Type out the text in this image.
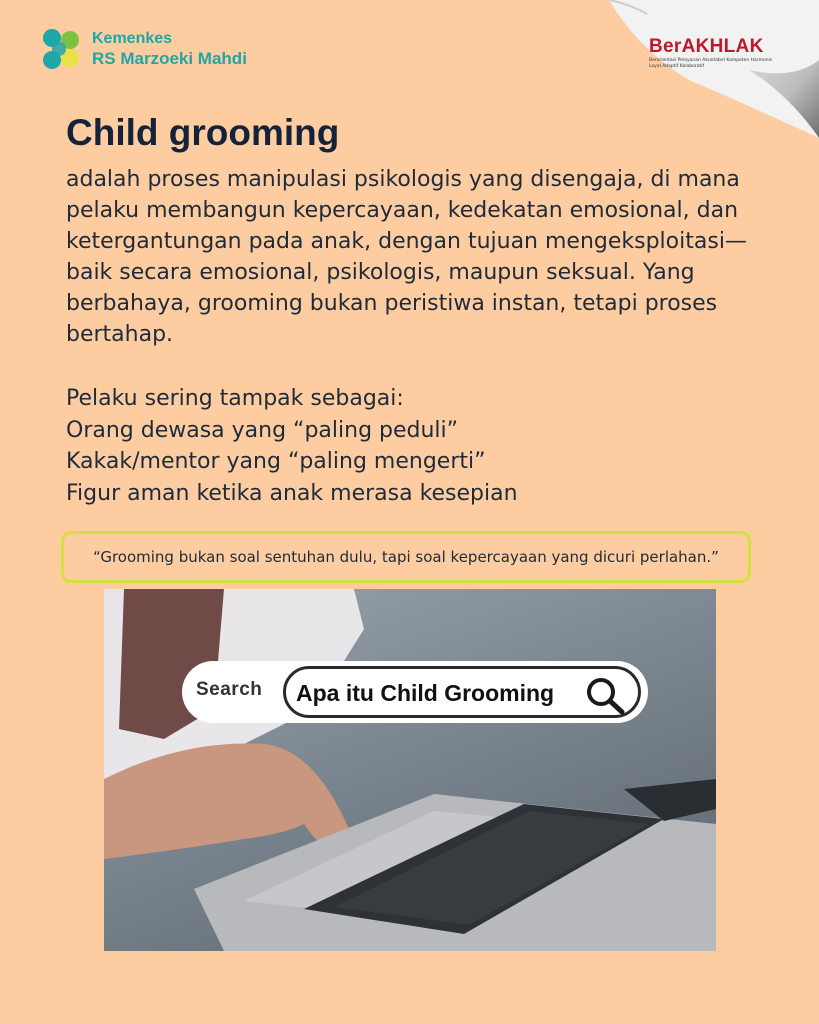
Kemenkes
RS Marzoeki Mahdi
BerAKHLAK
Berorientasi Pelayanan Akuntabel Kompeten Harmonis Loyal Adaptif Kolaboratif
Child grooming

adalah proses manipulasi psikologis yang disengaja, di mana pelaku membangun kepercayaan, kedekatan emosional, dan ketergantungan pada anak, dengan tujuan mengeksploitasi—baik secara emosional, psikologis, maupun seksual. Yang berbahaya, grooming bukan peristiwa instan, tetapi proses bertahap.

Pelaku sering tampak sebagai:
Orang dewasa yang “paling peduli”
Kakak/mentor yang “paling mengerti”
Figur aman ketika anak merasa kesepian
“Grooming bukan soal sentuhan dulu, tapi soal kepercayaan yang dicuri perlahan.”
Search Apa itu Child Grooming
